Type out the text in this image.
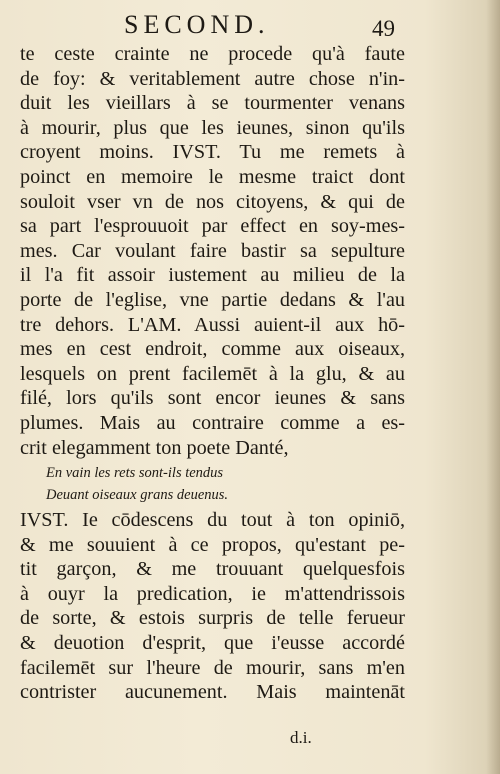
SECOND.	49
te ceste crainte ne procede qu'à faute
de foy: & veritablement autre chose n'in-
duit les vieillars à se tourmenter venans
à mourir, plus que les ieunes, sinon qu'ils
croyent moins. IVST. Tu me remets à
poinct en memoire le mesme traict dont
souloit vser vn de nos citoyens, & qui de
sa part l'esprouuoit par effect en soy-mes-
mes. Car voulant faire bastir sa sepulture
il l'a fit assoir iustement au milieu de la
porte de l'eglise, vne partie dedans & l'au
tre dehors. L'AM. Aussi auient-il aux hō-
mes en cest endroit, comme aux oiseaux,
lesquels on prent facilemēt à la glu, & au
filé, lors qu'ils sont encor ieunes & sans
plumes. Mais au contraire comme a es-
crit elegamment ton poete Danté,
En vain les rets sont-ils tendus
Deuant oiseaux grans deuenus.
IVST. Ie cōdescens du tout à ton opiniō,
& me souuient à ce propos, qu'estant pe-
tit garçon, & me trouuant quelquesfois
à ouyr la predication, ie m'attendrissois
de sorte, & estois surpris de telle ferueur
& deuotion d'esprit, que i'eusse accordé
facilemēt sur l'heure de mourir, sans m'en
contrister aucunement. Mais maintenāt
d.i.
